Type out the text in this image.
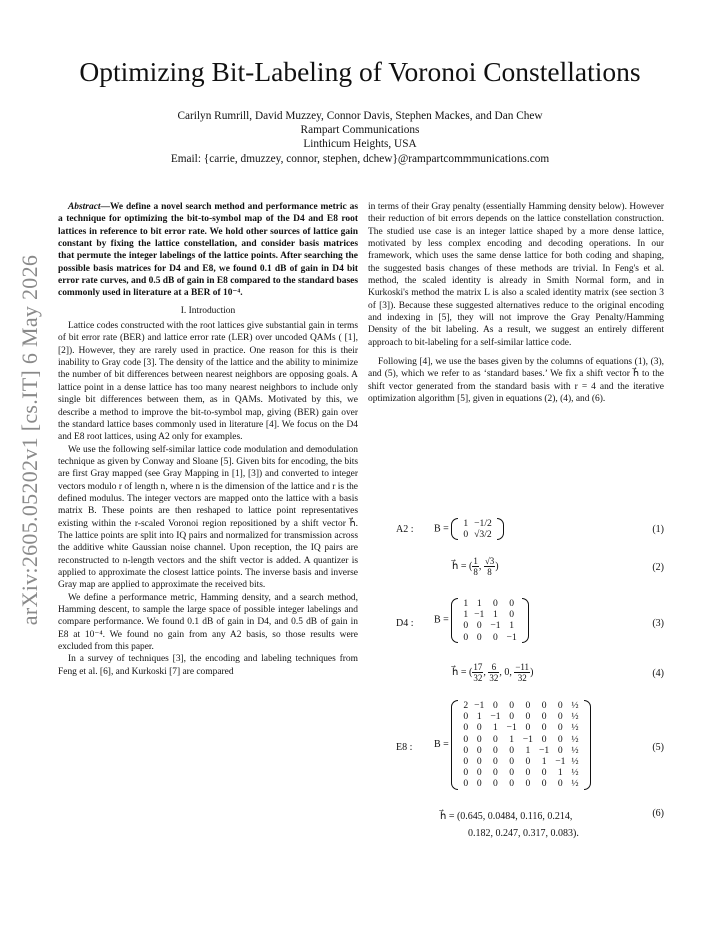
arXiv:2605.05202v1 [cs.IT] 6 May 2026
Optimizing Bit-Labeling of Voronoi Constellations
Carilyn Rumrill, David Muzzey, Connor Davis, Stephen Mackes, and Dan Chew
Rampart Communications
Linthicum Heights, USA
Email: {carrie, dmuzzey, connor, stephen, dchew}@rampartcommmunications.com

Abstract—We define a novel search method and performance metric as a technique for optimizing the bit-to-symbol map of the D4 and E8 root lattices in reference to bit error rate. We hold other sources of lattice gain constant by fixing the lattice constellation, and consider basis matrices that permute the integer labelings of the lattice points. After searching the possible basis matrices for D4 and E8, we found 0.1 dB of gain in D4 bit error rate curves, and 0.5 dB of gain in E8 compared to the standard bases commonly used in literature at a BER of 10⁻⁴.

I. Introduction

Lattice codes constructed with the root lattices give substantial gain in terms of bit error rate (BER) and lattice error rate (LER) over uncoded QAMs ( [1], [2]). However, they are rarely used in practice. One reason for this is their inability to Gray code [3]. The density of the lattice and the ability to minimize the number of bit differences between nearest neighbors are opposing goals. A lattice point in a dense lattice has too many nearest neighbors to include only single bit differences between them, as in QAMs. Motivated by this, we describe a method to improve the bit-to-symbol map, giving (BER) gain over the standard lattice bases commonly used in literature [4]. We focus on the D4 and E8 root lattices, using A2 only for examples.

We use the following self-similar lattice code modulation and demodulation technique as given by Conway and Sloane [5]. Given bits for encoding, the bits are first Gray mapped (see Gray Mapping in [1], [3]) and converted to integer vectors modulo r of length n, where n is the dimension of the lattice and r is the defined modulus. The integer vectors are mapped onto the lattice with a basis matrix B. These points are then reshaped to lattice point representatives existing within the r-scaled Voronoi region repositioned by a shift vector h⃗. The lattice points are split into IQ pairs and normalized for transmission across the additive white Gaussian noise channel. Upon reception, the IQ pairs are reconstructed to n-length vectors and the shift vector is added. A quantizer is applied to approximate the closest lattice points. The inverse basis and inverse Gray map are applied to approximate the received bits.

We define a performance metric, Hamming density, and a search method, Hamming descent, to sample the large space of possible integer labelings and compare performance. We found 0.1 dB of gain in D4, and 0.5 dB of gain in E8 at 10⁻⁴. We found no gain from any A2 basis, so those results were excluded from this paper.

In a survey of techniques [3], the encoding and labeling techniques from Feng et al. [6], and Kurkoski [7] are compared

in terms of their Gray penalty (essentially Hamming density below). However their reduction of bit errors depends on the lattice constellation construction. The studied use case is an integer lattice shaped by a more dense lattice, motivated by less complex encoding and decoding operations. In our framework, which uses the same dense lattice for both coding and shaping, the suggested basis changes of these methods are trivial. In Feng's et al. method, the scaled identity is already in Smith Normal form, and in Kurkoski's method the matrix L is also a scaled identity matrix (see section 3 of [3]). Because these suggested alternatives reduce to the original encoding and indexing in [5], they will not improve the Gray Penalty/Hamming Density of the bit labeling. As a result, we suggest an entirely different approach to bit-labeling for a self-similar lattice code.

Following [4], we use the bases given by the columns of equations (1), (3), and (5), which we refer to as ‘standard bases.’ We fix a shift vector h⃗ to the shift vector generated from the standard basis with r = 4 and the iterative optimization algorithm [5], given in equations (2), (4), and (6).

A2 : B = 1	−1/2
0	√3/2	(1)
h⃗ = ( $\frac{1}{8}$ , $\frac{√3}{8}$ )	(2)
D4 : B =
1	1	0	0
1	−1	1	0
0	0	−1	1
0	0	0	−1
(3)
h⃗ = ( $\frac{17}{32}$ , $\frac{6}{32}$ , 0, $\frac{-11}{32}$ )	(4)
E8 : B =
2	−1	0	0	0	0	0	½
0	1	−1	0	0	0	0	½
0	0	1	−1	0	0	0	½
0	0	0	1	−1	0	0	½
0	0	0	0	1	−1	0	½
0	0	0	0	0	1	−1	½
0	0	0	0	0	0	1	½
0	0	0	0	0	0	0	½
(5)
h⃗ = (0.645, 0.0484, 0.116, 0.214,
0.182, 0.247, 0.317, 0.083).
(6)
